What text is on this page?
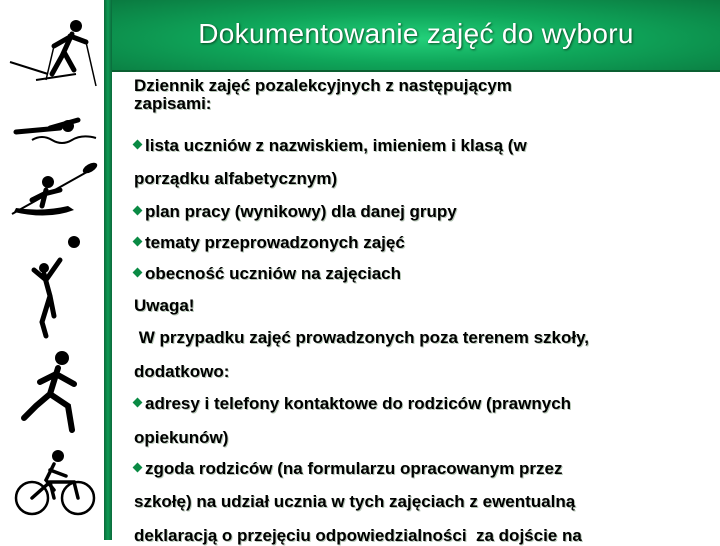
Dokumentowanie zajęć do wyboru
Dziennik zajęć pozalekcyjnych z następującym
zapisami:
lista uczniów z nazwiskiem, imieniem i klasą (w
porządku alfabetycznym)
plan pracy (wynikowy) dla danej grupy
tematy przeprowadzonych zajęć
obecność uczniów na zajęciach
Uwaga!
W przypadku zajęć prowadzonych poza terenem szkoły,
dodatkowo:
adresy i telefony kontaktowe do rodziców (prawnych
opiekunów)
zgoda rodziców (na formularzu opracowanym przez
szkołę) na udział ucznia w tych zajęciach z ewentualną
deklaracją o przejęciu odpowiedzialności  za dojście na
